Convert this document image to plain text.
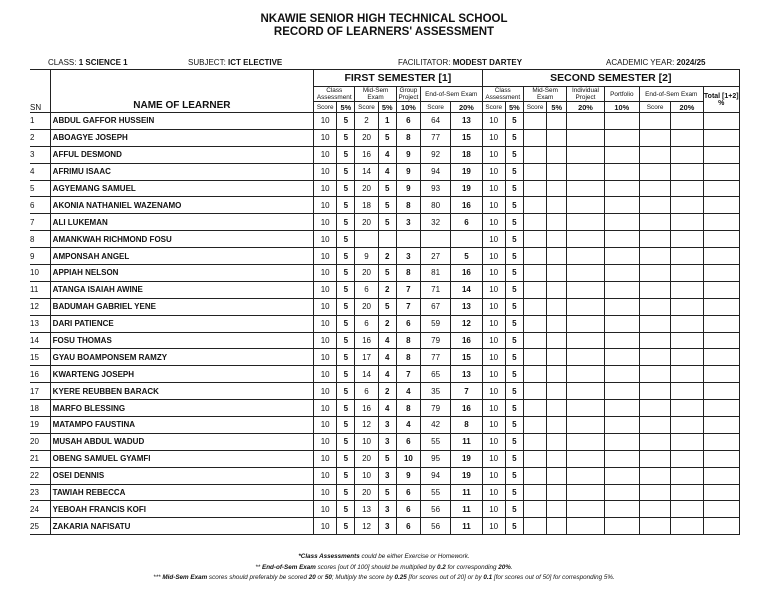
NKAWIE SENIOR HIGH TECHNICAL SCHOOL
RECORD OF LEARNERS' ASSESSMENT
CLASS: 1 SCIENCE 1	SUBJECT: ICT ELECTIVE	FACILITATOR: MODEST DARTEY	ACADEMIC YEAR: 2024/25
SN	NAME OF LEARNER	FIRST SEMESTER [1]							SECOND SEMESTER [2]								
		Class Assessment		Mid-Sem Exam		Group Project	End-of-Sem Exam		Class Assessment		Mid-Sem Exam		Individual Project	Portfolio	End-of-Sem Exam		Total [1+2] %
		Score	5%	Score	5%	10%	Score	20%	Score	5%	Score	5%	20%	10%	Score	20%	
1	ABDUL GAFFOR HUSSEIN	10	5	2	1	6	64	13	10	5							
2	ABOAGYE JOSEPH	10	5	20	5	8	77	15	10	5							
3	AFFUL DESMOND	10	5	16	4	9	92	18	10	5							
4	AFRIMU ISAAC	10	5	14	4	9	94	19	10	5							
5	AGYEMANG SAMUEL	10	5	20	5	9	93	19	10	5							
6	AKONIA NATHANIEL WAZENAMO	10	5	18	5	8	80	16	10	5							
7	ALI LUKEMAN	10	5	20	5	3	32	6	10	5							
8	AMANKWAH RICHMOND FOSU	10	5						10	5							
9	AMPONSAH ANGEL	10	5	9	2	3	27	5	10	5							
10	APPIAH NELSON	10	5	20	5	8	81	16	10	5							
11	ATANGA ISAIAH AWINE	10	5	6	2	7	71	14	10	5							
12	BADUMAH GABRIEL YENE	10	5	20	5	7	67	13	10	5							
13	DARI PATIENCE	10	5	6	2	6	59	12	10	5							
14	FOSU THOMAS	10	5	16	4	8	79	16	10	5							
15	GYAU BOAMPONSEM RAMZY	10	5	17	4	8	77	15	10	5							
16	KWARTENG JOSEPH	10	5	14	4	7	65	13	10	5							
17	KYERE REUBBEN BARACK	10	5	6	2	4	35	7	10	5							
18	MARFO BLESSING	10	5	16	4	8	79	16	10	5							
19	MATAMPO FAUSTINA	10	5	12	3	4	42	8	10	5							
20	MUSAH ABDUL WADUD	10	5	10	3	6	55	11	10	5							
21	OBENG SAMUEL GYAMFI	10	5	20	5	10	95	19	10	5							
22	OSEI DENNIS	10	5	10	3	9	94	19	10	5							
23	TAWIAH REBECCA	10	5	20	5	6	55	11	10	5							
24	YEBOAH FRANCIS KOFI	10	5	13	3	6	56	11	10	5							
25	ZAKARIA NAFISATU	10	5	12	3	6	56	11	10	5							
*Class Assessments could be either Exercise or Homework.
** End-of-Sem Exam scores [out 0f 100] should be multiplied by 0.2 for corresponding 20%.
*** Mid-Sem Exam scores should preferably be scored 20 or 50; Multiply the score by 0.25 [for scores out of 20] or by 0.1 [for scores out of 50] for corresponding 5%.
